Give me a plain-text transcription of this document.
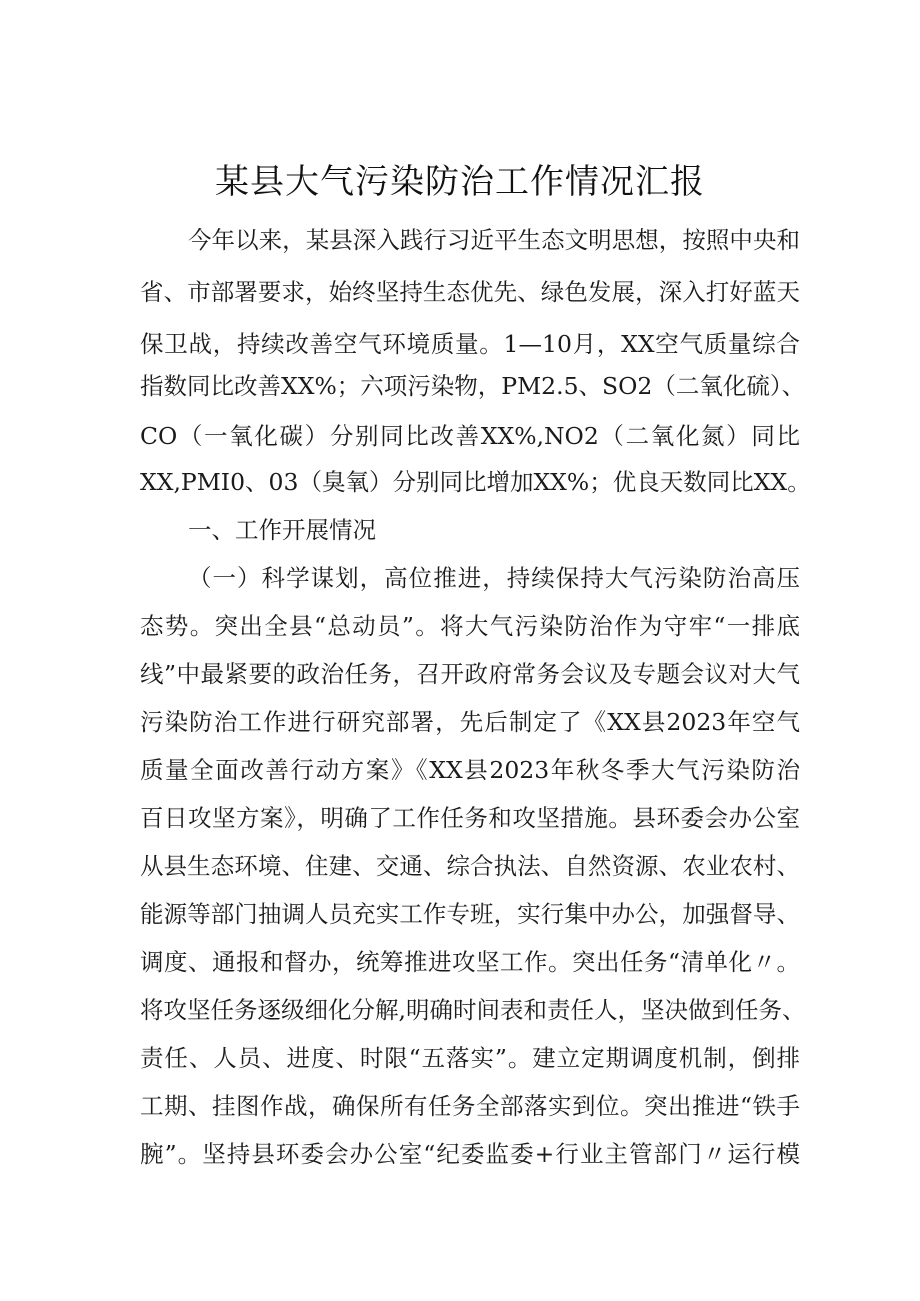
某县大气污染防治工作情况汇报
今年以来，某县深入践行习近平生态文明思想，按照中央和
省、市部署要求，始终坚持生态优先、绿色发展，深入打好蓝天
保卫战，持续改善空气环境质量。1—10月，XX空气质量综合
指数同比改善XX%；六项污染物，PM2.5、SO2（二氧化硫）、
CO（一氧化碳）分别同比改善XX%,NO2（二氧化氮）同比
XX,PMI0、03（臭氧）分别同比增加XX%；优良天数同比XX。
一、工作开展情况
（一）科学谋划，高位推进，持续保持大气污染防治高压
态势。突出全县“总动员”。将大气污染防治作为守牢“一排底
线”中最紧要的政治任务，召开政府常务会议及专题会议对大气
污染防治工作进行研究部署，先后制定了《XX县2023年空气
质量全面改善行动方案》《XX县2023年秋冬季大气污染防治
百日攻坚方案》，明确了工作任务和攻坚措施。县环委会办公室
从县生态环境、住建、交通、综合执法、自然资源、农业农村、
能源等部门抽调人员充实工作专班，实行集中办公，加强督导、
调度、通报和督办，统筹推进攻坚工作。突出任务“清单化〃。
将攻坚任务逐级细化分解,明确时间表和责任人，坚决做到任务、
责任、人员、进度、时限“五落实”。建立定期调度机制，倒排
工期、挂图作战，确保所有任务全部落实到位。突出推进“铁手
腕”。坚持县环委会办公室“纪委监委+行业主管部门〃运行模
